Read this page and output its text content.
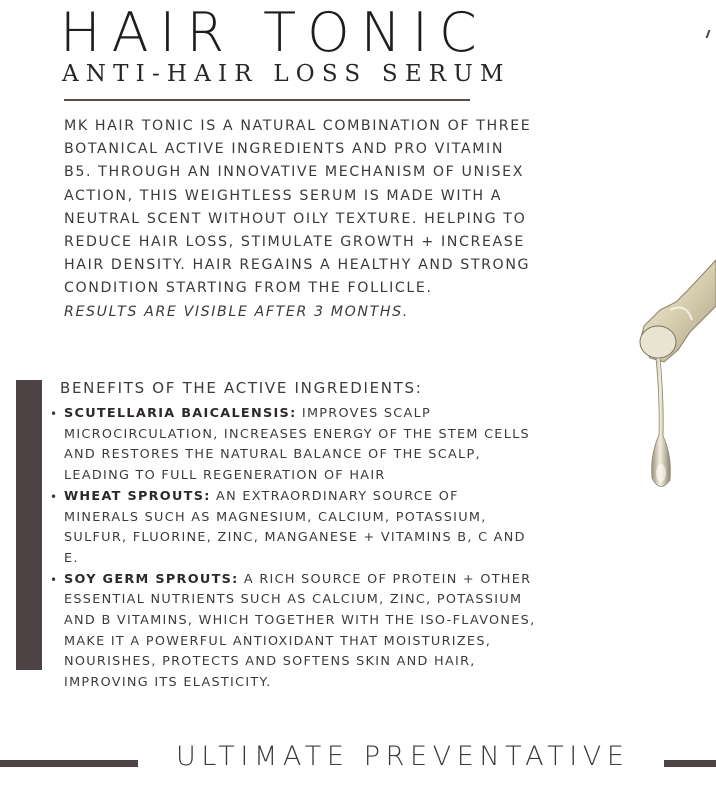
HAIR TONIC
ANTI-HAIR LOSS SERUM
MK HAIR TONIC IS A NATURAL COMBINATION OF THREE BOTANICAL ACTIVE INGREDIENTS AND PRO VITAMIN B5. THROUGH AN INNOVATIVE MECHANISM OF UNISEX ACTION, THIS WEIGHTLESS SERUM IS MADE WITH A NEUTRAL SCENT WITHOUT OILY TEXTURE. HELPING TO REDUCE HAIR LOSS, STIMULATE GROWTH + INCREASE HAIR DENSITY. HAIR REGAINS A HEALTHY AND STRONG CONDITION STARTING FROM THE FOLLICLE.
RESULTS ARE VISIBLE AFTER 3 MONTHS.
BENEFITS OF THE ACTIVE INGREDIENTS:
• SCUTELLARIA BAICALENSIS: IMPROVES SCALP MICROCIRCULATION, INCREASES ENERGY OF THE STEM CELLS AND RESTORES THE NATURAL BALANCE OF THE SCALP, LEADING TO FULL REGENERATION OF HAIR
• WHEAT SPROUTS: AN EXTRAORDINARY SOURCE OF MINERALS SUCH AS MAGNESIUM, CALCIUM, POTASSIUM, SULFUR, FLUORINE, ZINC, MANGANESE + VITAMINS B, C AND E.
• SOY GERM SPROUTS: A RICH SOURCE OF PROTEIN + OTHER ESSENTIAL NUTRIENTS SUCH AS CALCIUM, ZINC, POTASSIUM AND B VITAMINS, WHICH TOGETHER WITH THE ISO-FLAVONES, MAKE IT A POWERFUL ANTIOXIDANT THAT MOISTURIZES, NOURISHES, PROTECTS AND SOFTENS SKIN AND HAIR, IMPROVING ITS ELASTICITY.
ULTIMATE PREVENTATIVE
